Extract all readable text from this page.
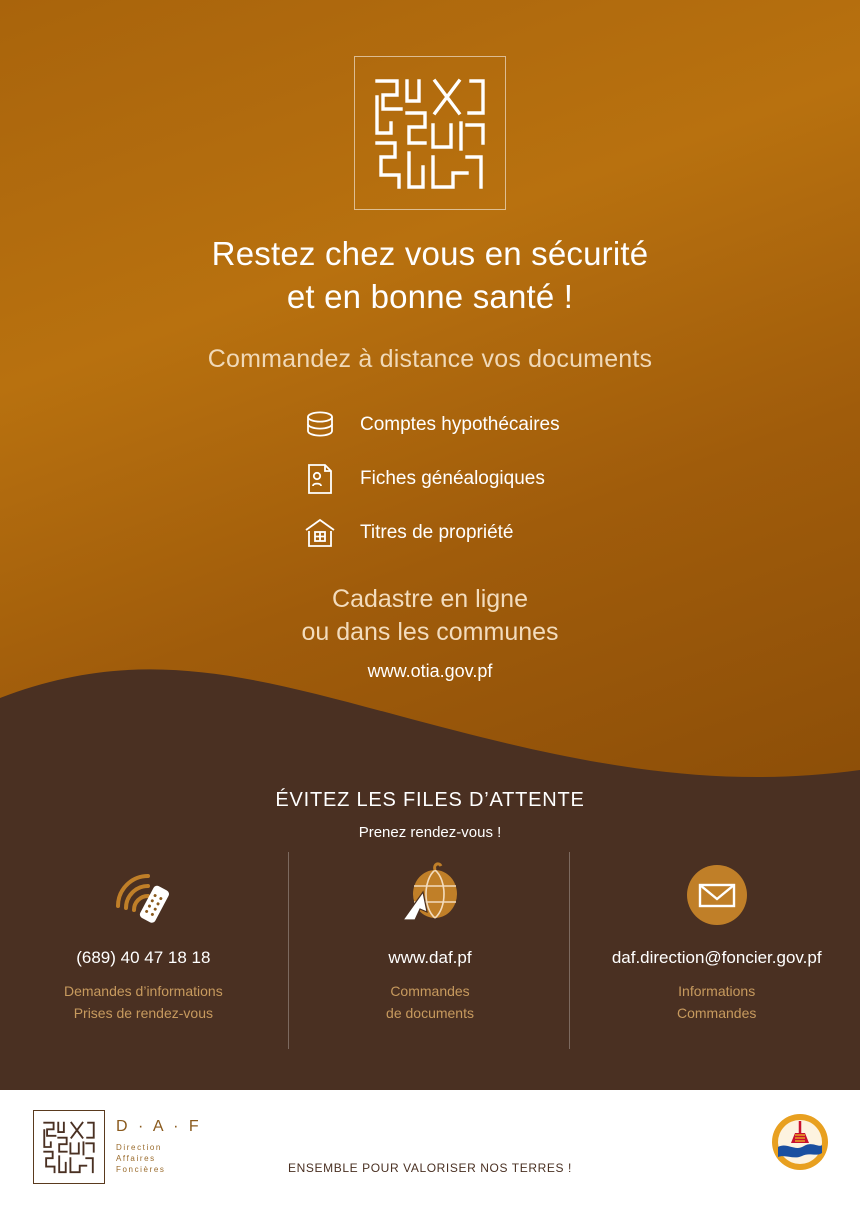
Restez chez vous en sécurité
et en bonne santé !
Commandez à distance vos documents
Comptes hypothécaires
Fiches généalogiques
Titres de propriété
Cadastre en ligne
ou dans les communes
www.otia.gov.pf
ÉVITEZ LES FILES D’ATTENTE
Prenez rendez-vous !
(689) 40 47 18 18
Demandes d’informations
Prises de rendez-vous
www.daf.pf
Commandes
de documents
daf.direction@foncier.gov.pf
Informations
Commandes
D · A · F
Direction
Affaires
Foncières	ENSEMBLE POUR VALORISER NOS TERRES !
